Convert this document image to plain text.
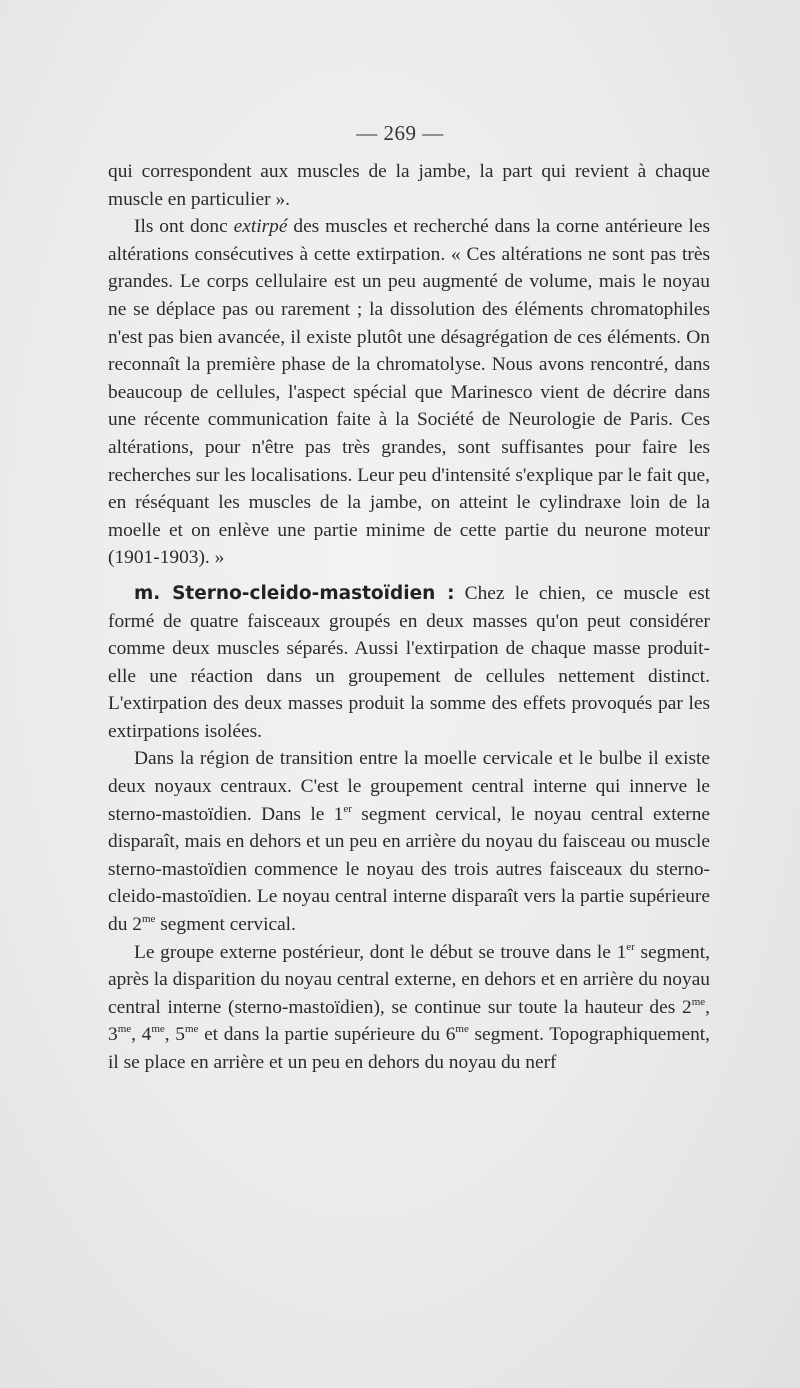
— 269 —

qui correspondent aux muscles de la jambe, la part qui revient à chaque muscle en particulier ».

Ils ont donc extirpé des muscles et recherché dans la corne antérieure les altérations consécutives à cette extirpation. « Ces altérations ne sont pas très grandes. Le corps cellulaire est un peu augmenté de volume, mais le noyau ne se déplace pas ou rarement ; la dissolution des éléments chromatophiles n'est pas bien avancée, il existe plutôt une désagrégation de ces éléments. On reconnaît la première phase de la chromatolyse. Nous avons rencontré, dans beaucoup de cellules, l'aspect spécial que Marinesco vient de décrire dans une récente communication faite à la Société de Neurologie de Paris. Ces altérations, pour n'être pas très grandes, sont suffisantes pour faire les recherches sur les localisations. Leur peu d'intensité s'explique par le fait que, en réséquant les muscles de la jambe, on atteint le cylindraxe loin de la moelle et on enlève une partie minime de cette partie du neurone moteur (1901-1903). »

m. Sterno-cleido-mastoïdien : Chez le chien, ce muscle est formé de quatre faisceaux groupés en deux masses qu'on peut considérer comme deux muscles séparés. Aussi l'extirpation de chaque masse produit-elle une réaction dans un groupement de cellules nettement distinct. L'extirpation des deux masses produit la somme des effets provoqués par les extirpations isolées.

Dans la région de transition entre la moelle cervicale et le bulbe il existe deux noyaux centraux. C'est le groupement central interne qui innerve le sterno-mastoïdien. Dans le 1er segment cervical, le noyau central externe disparaît, mais en dehors et un peu en arrière du noyau du faisceau ou muscle sterno-mastoïdien commence le noyau des trois autres faisceaux du sterno-cleido-mastoïdien. Le noyau central interne disparaît vers la partie supérieure du $2^{me}$ segment cervical.

Le groupe externe postérieur, dont le début se trouve dans le 1er segment, après la disparition du noyau central externe, en dehors et en arrière du noyau central interne (sterno-mastoïdien), se continue sur toute la hauteur des $2^{me}$, $3^{me}$, $4^{me}$, $5^{me}$ et dans la partie supérieure du $6^{me}$ segment. Topographiquement, il se place en arrière et un peu en dehors du noyau du nerf
